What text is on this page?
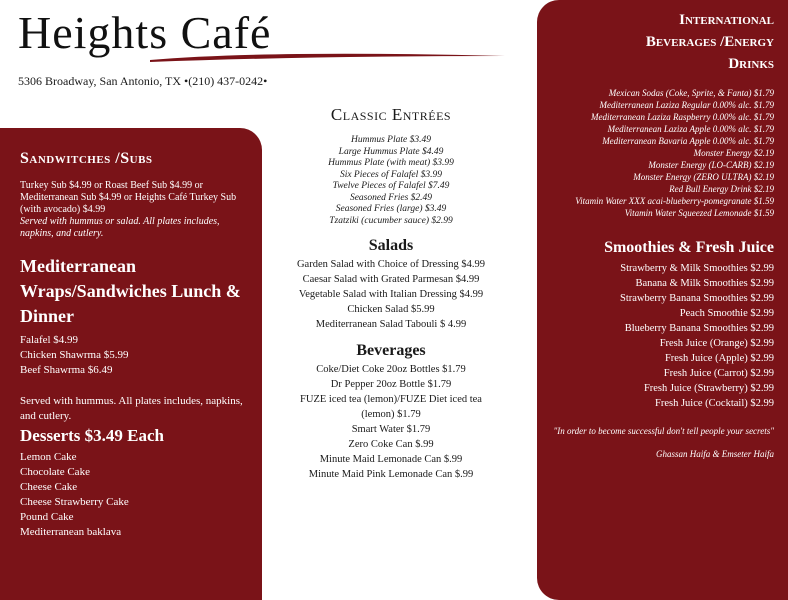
Heights Café
5306 Broadway, San Antonio, TX •(210) 437-0242•
Sandwitches /Subs
Turkey Sub $4.99 or Roast Beef Sub $4.99 or Mediterranean Sub $4.99 or Heights Café Turkey Sub (with avocado) $4.99
Served with hummus or salad. All plates includes, napkins, and cutlery.
Mediterranean Wraps/Sandwiches Lunch & Dinner
Falafel $4.99
Chicken Shawrma $5.99
Beef Shawrma $6.49
Served with hummus. All plates includes, napkins, and cutlery.
Desserts $3.49 Each
Lemon Cake
Chocolate Cake
Cheese Cake
Cheese Strawberry Cake
Pound Cake
Mediterranean baklava
Classic Entrées
Hummus Plate $3.49
Large Hummus Plate $4.49
Hummus Plate (with meat) $3.99
Six Pieces of Falafel $3.99
Twelve Pieces of Falafel $7.49
Seasoned Fries $2.49
Seasoned Fries (large) $3.49
Tzatziki (cucumber sauce) $2.99
Salads
Garden Salad with Choice of Dressing $4.99
Caesar Salad with Grated Parmesan $4.99
Vegetable Salad with Italian Dressing $4.99
Chicken Salad $5.99
Mediterranean Salad Tabouli $ 4.99
Beverages
Coke/Diet Coke 20oz Bottles $1.79
Dr Pepper 20oz Bottle $1.79
FUZE iced tea (lemon)/FUZE Diet iced tea
(lemon) $1.79
Smart Water $1.79
Zero Coke Can $.99
Minute Maid Lemonade Can $.99
Minute Maid Pink Lemonade Can $.99
International
Beverages /Energy
Drinks
Mexican Sodas (Coke, Sprite, & Fanta) $1.79
Mediterranean Laziza Regular 0.00% alc. $1.79
Mediterranean Laziza Raspberry 0.00% alc. $1.79
Mediterranean Laziza Apple 0.00% alc. $1.79
Mediterranean Bavaria Apple 0.00% alc. $1.79
Monster Energy $2.19
Monster Energy (LO-CARB) $2.19
Monster Energy (ZERO ULTRA) $2.19
Red Bull Energy Drink $2.19
Vitamin Water XXX acai-blueberry-pomegranate $1.59
Vitamin Water Squeezed Lemonade $1.59
Smoothies & Fresh Juice
Strawberry & Milk Smoothies $2.99
Banana & Milk Smoothies $2.99
Strawberry Banana Smoothies $2.99
Peach Smoothie $2.99
Blueberry Banana Smoothies $2.99
Fresh Juice (Orange) $2.99
Fresh Juice (Apple) $2.99
Fresh Juice (Carrot) $2.99
Fresh Juice (Strawberry) $2.99
Fresh Juice (Cocktail) $2.99
"In order to become successful don't tell people your secrets"
Ghassan Haifa & Emseter Haifa
